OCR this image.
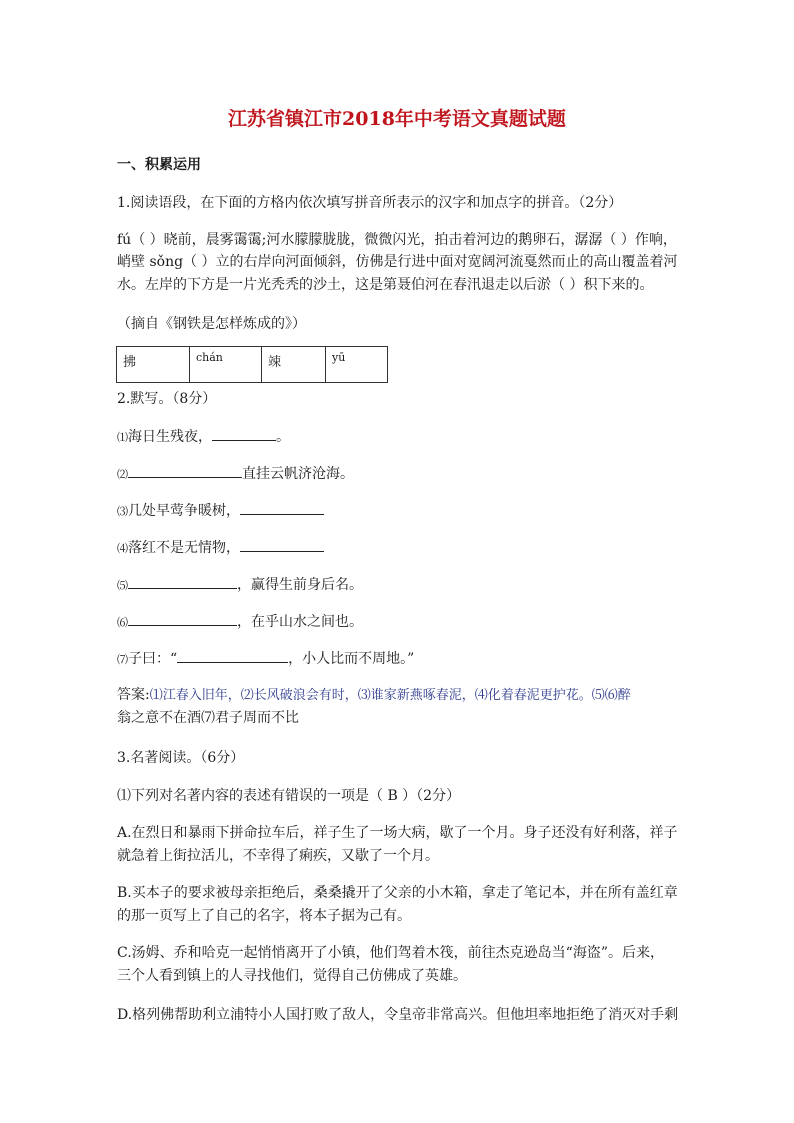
江苏省镇江市2018年中考语文真题试题
一、积累运用
1.阅读语段，在下面的方格内依次填写拼音所表示的汉字和加点字的拼音。（2分）
fú（ ）晓前，晨雾霭霭;河水朦朦胧胧，微微闪光，拍击着河边的鹅卵石，潺潺（ ）作响，
峭壁 sǒng（ ）立的右岸向河面倾斜，仿佛是行进中面对宽阔河流戛然而止的高山覆盖着河
水。左岸的下方是一片光秃秃的沙土，这是第聂伯河在春汛退走以后淤（ ）积下来的。
（摘自《钢铁是怎样炼成的》）
拂	chán	竦	yū
2.默写。（8分）
⑴海日生残夜，	。
⑵	直挂云帆济沧海。
⑶几处早莺争暖树，
⑷落红不是无情物，
⑸	，赢得生前身后名。
⑹	，在乎山水之间也。
⑺子曰：“	，小人比而不周地。”
答案:⑴江春入旧年，⑵长风破浪会有时，⑶谁家新燕啄春泥，⑷化着春泥更护花。⑸⑹醉
翁之意不在酒⑺君子周而不比
3.名著阅读。（6分）
⑴下列对名著内容的表述有错误的一项是（ B ）（2分）
A.在烈日和暴雨下拼命拉车后，祥子生了一场大病，歇了一个月。身子还没有好利落，祥子
就急着上街拉活儿，不幸得了痢疾，又歇了一个月。
B.买本子的要求被母亲拒绝后，桑桑撬开了父亲的小木箱，拿走了笔记本，并在所有盖红章
的那一页写上了自己的名字，将本子据为己有。
C.汤姆、乔和哈克一起悄悄离开了小镇，他们驾着木筏，前往杰克逊岛当“海盗”。后来，
三个人看到镇上的人寻找他们，觉得自己仿佛成了英雄。
D.格列佛帮助利立浦特小人国打败了敌人，令皇帝非常高兴。但他坦率地拒绝了消灭对手剩
